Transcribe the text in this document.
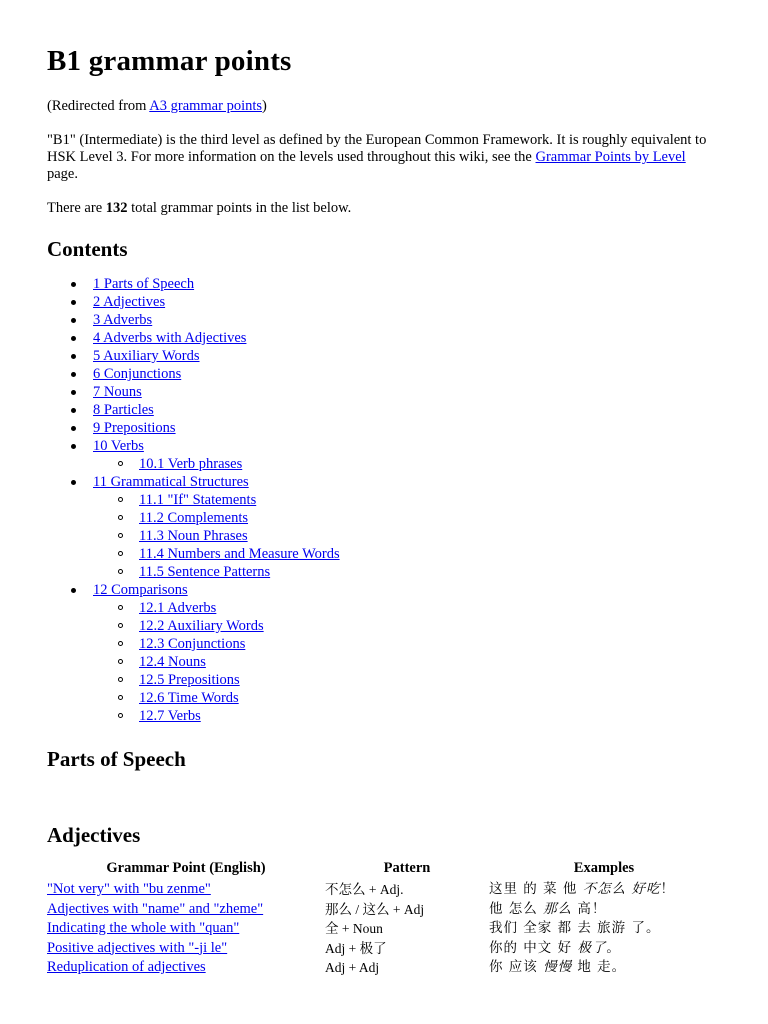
B1 grammar points

(Redirected from A3 grammar points)

"B1" (Intermediate) is the third level as defined by the European Common Framework. It is roughly equivalent to HSK Level 3. For more information on the levels used throughout this wiki, see the Grammar Points by Level page.

There are 132 total grammar points in the list below.

Contents
1 Parts of Speech
2 Adjectives
3 Adverbs
4 Adverbs with Adjectives
5 Auxiliary Words
6 Conjunctions
7 Nouns
8 Particles
9 Prepositions
10 Verbs
10.1 Verb phrases
11 Grammatical Structures
11.1 "If" Statements
11.2 Complements
11.3 Noun Phrases
11.4 Numbers and Measure Words
11.5 Sentence Patterns
12 Comparisons
12.1 Adverbs
12.2 Auxiliary Words
12.3 Conjunctions
12.4 Nouns
12.5 Prepositions
12.6 Time Words
12.7 Verbs
Parts of Speech
Adjectives
Grammar Point (English)	Pattern	Examples
"Not very" with "bu zenme"	不怎么 + Adj.	这里 的 菜 他 不怎么 好吃！
Adjectives with "name" and "zheme"	那么 / 这么 + Adj	他 怎么 那么 高！
Indicating the whole with "quan"	全 + Noun	我们 全家 都 去 旅游 了。
Positive adjectives with "-ji le"	Adj + 极了	你的 中文 好 极了。
Reduplication of adjectives	Adj + Adj	你 应该 慢慢 地 走。
